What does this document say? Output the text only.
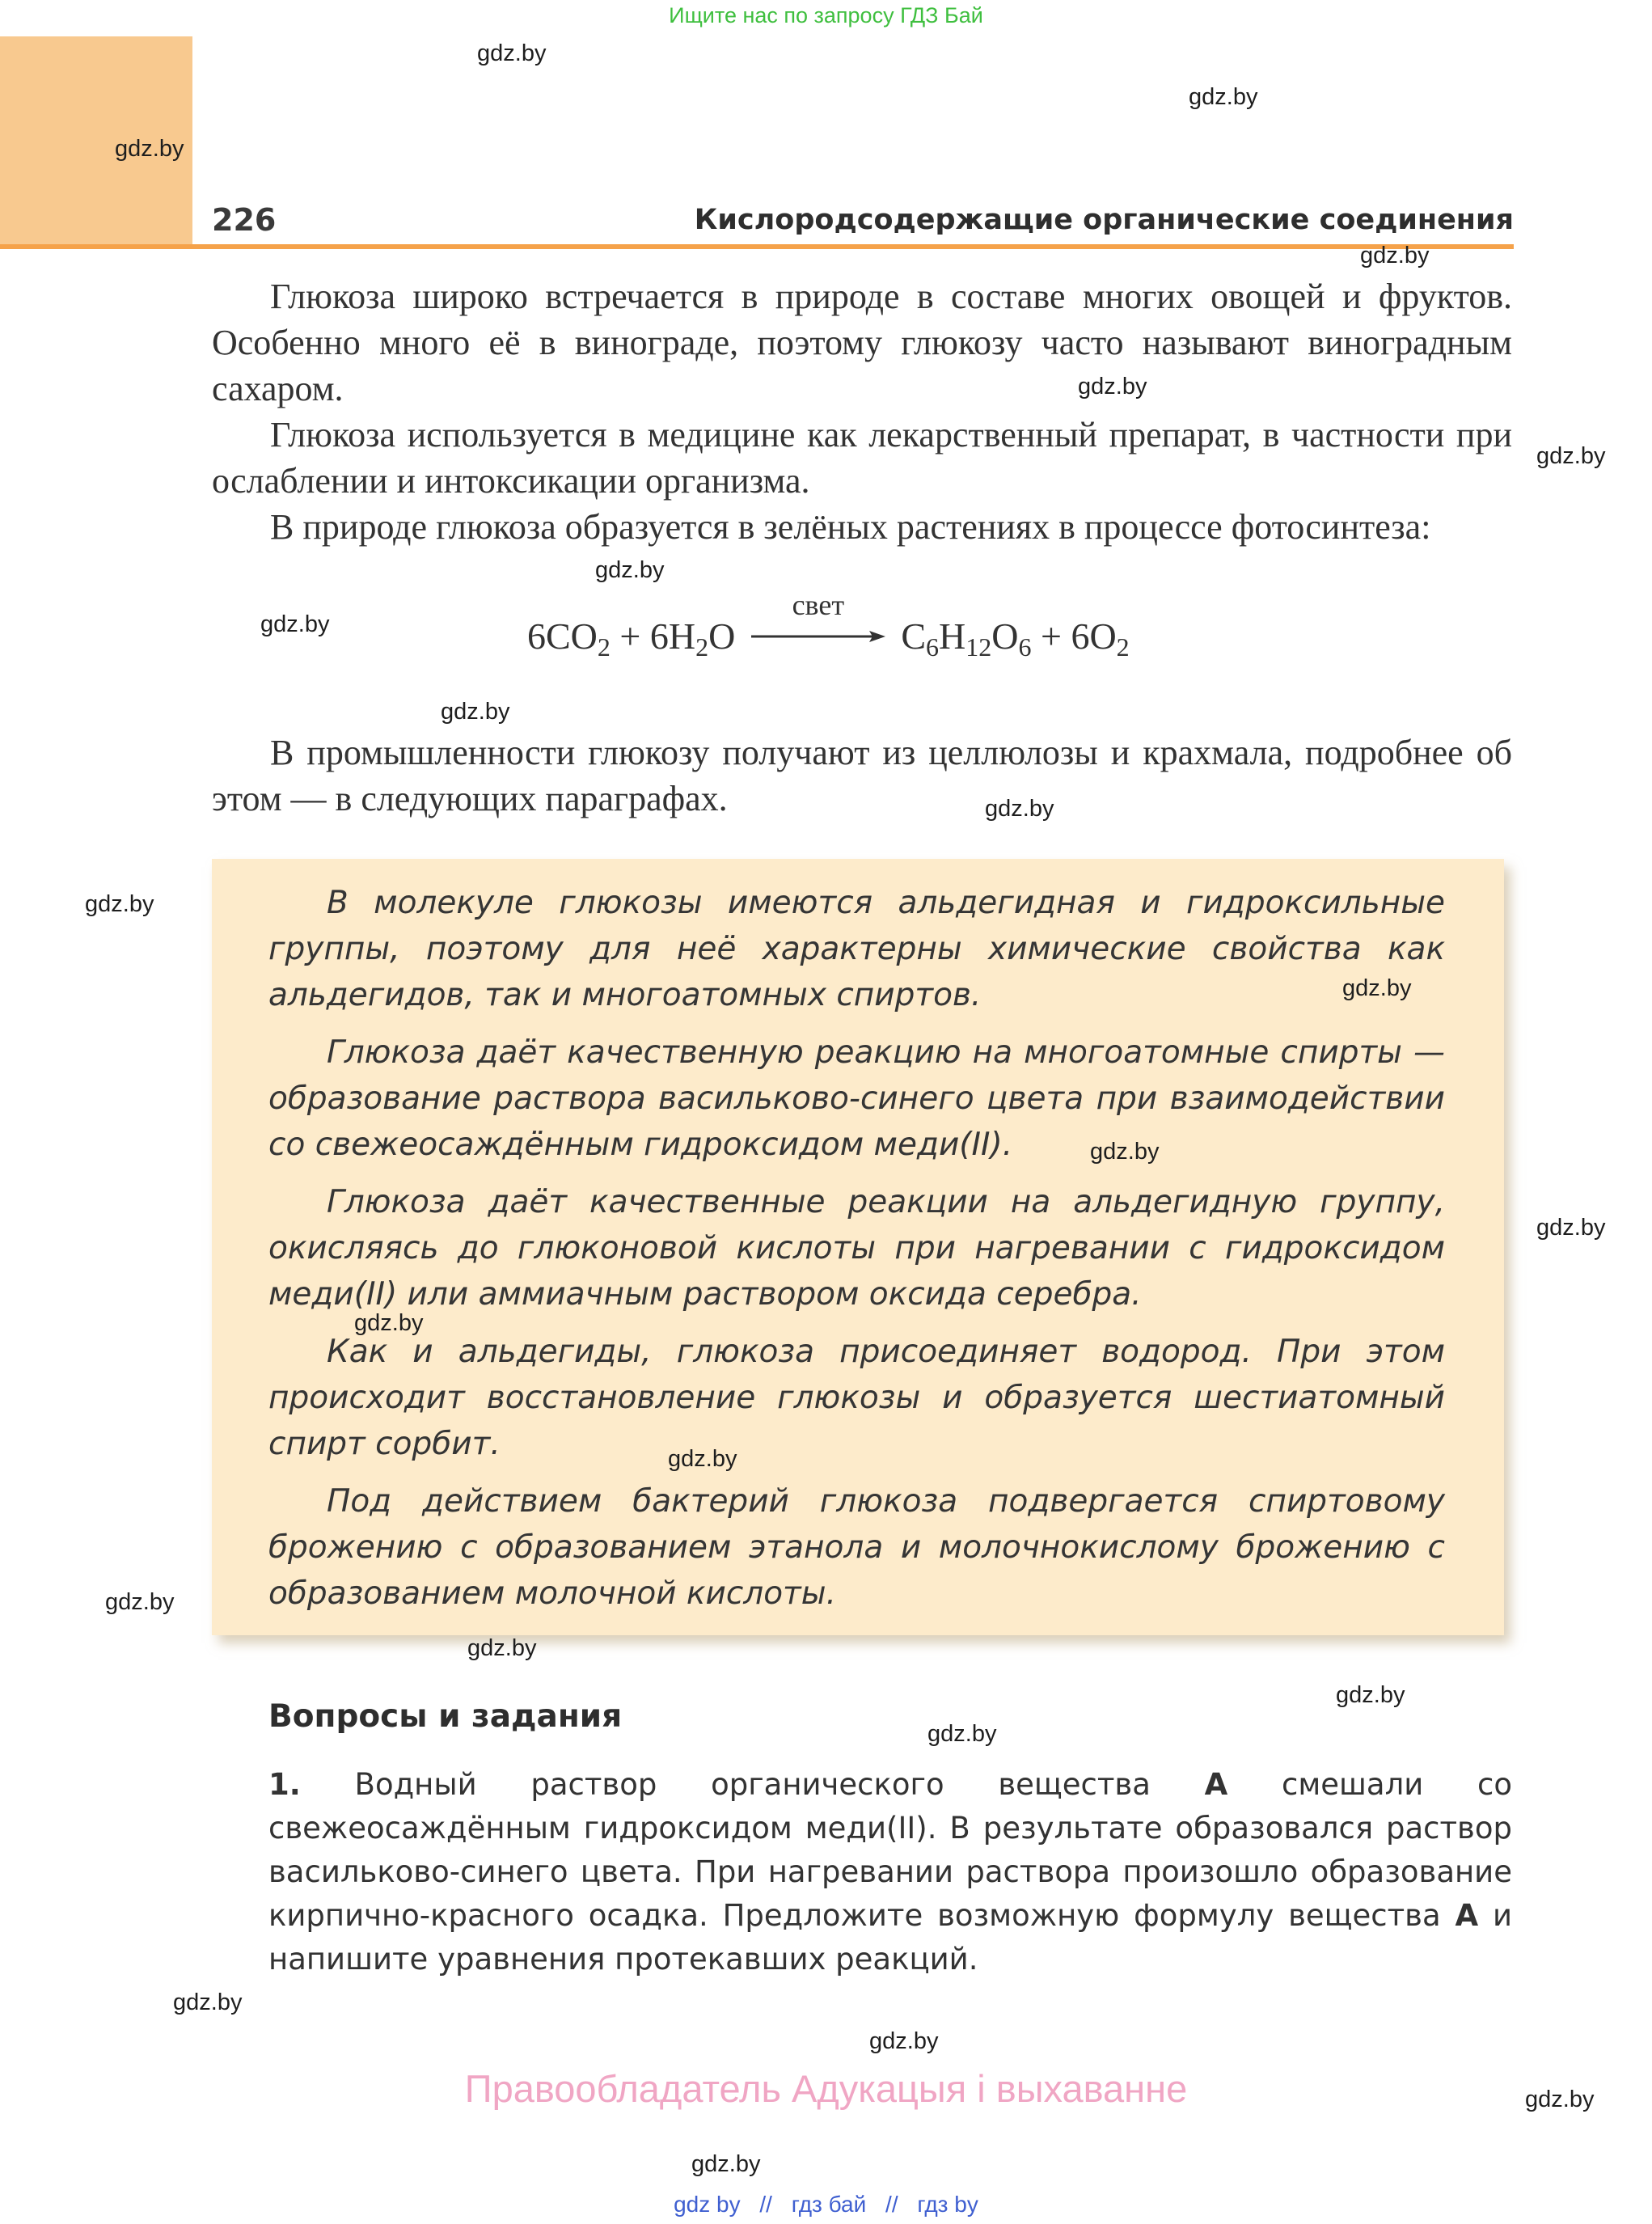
Ищите нас по запросу ГДЗ Бай
226	Кислородсодержащие органические соединения

Глюкоза широко встречается в природе в составе многих овощей и фруктов. Особенно много её в винограде, поэтому глюкозу часто называют виноградным сахаром.

Глюкоза используется в медицине как лекарственный препарат, в частности при ослаблении и интоксикации организма.

В природе глюкоза образуется в зелёных растениях в процессе фотосинтеза:

$6CO_2 + 6H_2O$
свет
$C_6H_{12}O_6 + 6O_2$

В промышленности глюкозу получают из целлюлозы и крахмала, подробнее об этом — в следующих параграфах.

В молекуле глюкозы имеются альдегидная и гидроксильные группы, поэтому для неё характерны химические свойства как альдегидов, так и многоатомных спиртов.

Глюкоза даёт качественную реакцию на многоатомные спирты — образование раствора васильково-синего цвета при взаимодействии со свежеосаждённым гидроксидом меди(II).

Глюкоза даёт качественные реакции на альдегидную группу, окисляясь до глюконовой кислоты при нагревании с гидроксидом меди(II) или аммиачным раствором оксида серебра.

Как и альдегиды, глюкоза присоединяет водород. При этом происходит восстановление глюкозы и образуется шестиатомный спирт сорбит.

Под действием бактерий глюкоза подвергается спиртовому брожению с образованием этанола и молочнокислому брожению с образованием молочной кислоты.

Вопросы и задания
1. Водный раствор органического вещества А смешали со свежеосаждённым гидроксидом меди(II). В результате образовался раствор васильково-синего цвета. При нагревании раствора произошло образование кирпично-красного осадка. Предложите возможную формулу вещества А и напишите уравнения протекавших реакций.
Правообладатель Адукацыя і выхаванне
gdz by // гдз бай // гдз by
gdz.by
gdz.by
gdz.by
gdz.by
gdz.by
gdz.by
gdz.by
gdz.by
gdz.by
gdz.by
gdz.by
gdz.by
gdz.by
gdz.by
gdz.by
gdz.by
gdz.by
gdz.by
gdz.by
gdz.by
gdz.by
gdz.by
gdz.by
gdz.by
